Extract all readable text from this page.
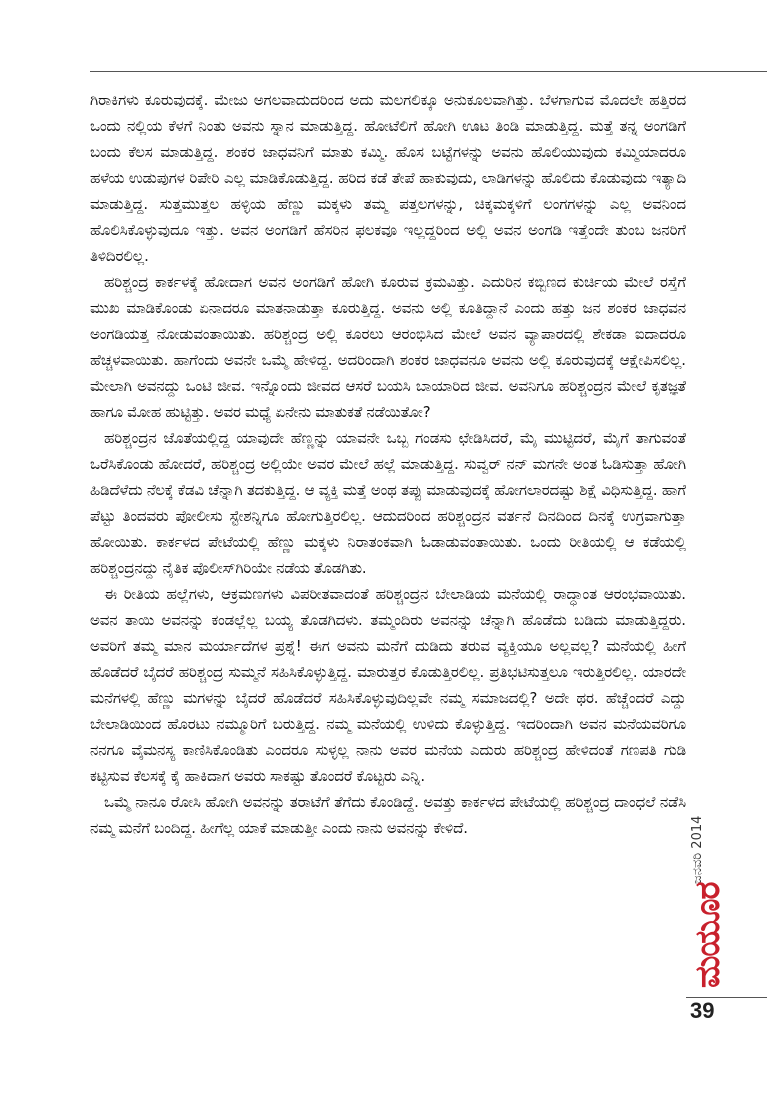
ಗಿರಾಕಿಗಳು ಕೂರುವುದಕ್ಕೆ. ಮೇಜು ಅಗಲವಾದುದರಿಂದ ಅದು ಮಲಗಲಿಕ್ಕೂ ಅನುಕೂಲವಾಗಿತ್ತು. ಬೆಳಗಾಗುವ ಮೊದಲೇ ಹತ್ತಿರದ ಒಂದು ನಲ್ಲಿಯ ಕೆಳಗೆ ನಿಂತು ಅವನು ಸ್ನಾನ ಮಾಡುತ್ತಿದ್ದ. ಹೋಟೆಲಿಗೆ ಹೋಗಿ ಊಟ ತಿಂಡಿ ಮಾಡುತ್ತಿದ್ದ. ಮತ್ತೆ ತನ್ನ ಅಂಗಡಿಗೆ ಬಂದು ಕೆಲಸ ಮಾಡುತ್ತಿದ್ದ. ಶಂಕರ ಜಾಧವನಿಗೆ ಮಾತು ಕಮ್ಮಿ. ಹೊಸ ಬಟ್ಟೆಗಳನ್ನು ಅವನು ಹೊಲಿಯುವುದು ಕಮ್ಮಿಯಾದರೂ ಹಳೆಯ ಉಡುಪುಗಳ ರಿಪೇರಿ ಎಲ್ಲ ಮಾಡಿಕೊಡುತ್ತಿದ್ದ. ಹರಿದ ಕಡೆ ತೇಪೆ ಹಾಕುವುದು, ಲಾಡಿಗಳನ್ನು ಹೊಲಿದು ಕೊಡುವುದು ಇತ್ಯಾದಿ ಮಾಡುತ್ತಿದ್ದ. ಸುತ್ತಮುತ್ತಲ ಹಳ್ಳಿಯ ಹೆಣ್ಣು ಮಕ್ಕಳು ತಮ್ಮ ಪತ್ತಲಗಳನ್ನು, ಚಿಕ್ಕಮಕ್ಕಳಿಗೆ ಲಂಗಗಳನ್ನು ಎಲ್ಲ ಅವನಿಂದ ಹೊಲಿಸಿಕೊಳ್ಳುವುದೂ ಇತ್ತು. ಅವನ ಅಂಗಡಿಗೆ ಹೆಸರಿನ ಫಲಕವೂ ಇಲ್ಲದ್ದರಿಂದ ಅಲ್ಲಿ ಅವನ ಅಂಗಡಿ ಇತ್ತೆಂದೇ ತುಂಬ ಜನರಿಗೆ ತಿಳಿದಿರಲಿಲ್ಲ.

ಹರಿಶ್ಚಂದ್ರ ಕಾರ್ಕಳಕ್ಕೆ ಹೋದಾಗ ಅವನ ಅಂಗಡಿಗೆ ಹೋಗಿ ಕೂರುವ ಕ್ರಮವಿತ್ತು. ಎದುರಿನ ಕಬ್ಬಿಣದ ಕುರ್ಚಿಯ ಮೇಲೆ ರಸ್ತೆಗೆ ಮುಖ ಮಾಡಿಕೊಂಡು ಏನಾದರೂ ಮಾತನಾಡುತ್ತಾ ಕೂರುತ್ತಿದ್ದ. ಅವನು ಅಲ್ಲಿ ಕೂತಿದ್ದಾನೆ ಎಂದು ಹತ್ತು ಜನ ಶಂಕರ ಜಾಧವನ ಅಂಗಡಿಯತ್ತ ನೋಡುವಂತಾಯಿತು. ಹರಿಶ್ಚಂದ್ರ ಅಲ್ಲಿ ಕೂರಲು ಆರಂಭಿಸಿದ ಮೇಲೆ ಅವನ ವ್ಯಾಪಾರದಲ್ಲಿ ಶೇಕಡಾ ಐದಾದರೂ ಹೆಚ್ಚಳವಾಯಿತು. ಹಾಗೆಂದು ಅವನೇ ಒಮ್ಮೆ ಹೇಳಿದ್ದ. ಅದರಿಂದಾಗಿ ಶಂಕರ ಜಾಧವನೂ ಅವನು ಅಲ್ಲಿ ಕೂರುವುದಕ್ಕೆ ಆಕ್ಷೇಪಿಸಲಿಲ್ಲ. ಮೇಲಾಗಿ ಅವನದ್ದು ಒಂಟಿ ಜೀವ. ಇನ್ನೊಂದು ಜೀವದ ಆಸರೆ ಬಯಸಿ ಬಾಯಾರಿದ ಜೀವ. ಅವನಿಗೂ ಹರಿಶ್ಚಂದ್ರನ ಮೇಲೆ ಕೃತಜ್ಞತೆ ಹಾಗೂ ಮೋಹ ಹುಟ್ಟಿತ್ತು. ಅವರ ಮಧ್ಯೆ ಏನೇನು ಮಾತುಕತೆ ನಡೆಯಿತೋ?

ಹರಿಶ್ಚಂದ್ರನ ಜೊತೆಯಲ್ಲಿದ್ದ ಯಾವುದೇ ಹೆಣ್ಣನ್ನು ಯಾವನೇ ಒಬ್ಬ ಗಂಡಸು ಛೇಡಿಸಿದರೆ, ಮೈ ಮುಟ್ಟಿದರೆ, ಮೈಗೆ ತಾಗುವಂತೆ ಒರೆಸಿಕೊಂಡು ಹೋದರೆ, ಹರಿಶ್ಚಂದ್ರ ಅಲ್ಲಿಯೇ ಅವರ ಮೇಲೆ ಹಲ್ಲೆ ಮಾಡುತ್ತಿದ್ದ. ಸುವ್ವರ್ ನನ್ ಮಗನೇ ಅಂತ ಓಡಿಸುತ್ತಾ ಹೋಗಿ ಹಿಡಿದೆಳೆದು ನೆಲಕ್ಕೆ ಕೆಡವಿ ಚೆನ್ನಾಗಿ ತದಕುತ್ತಿದ್ದ. ಆ ವ್ಯಕ್ತಿ ಮತ್ತೆ ಅಂಥ ತಪ್ಪು ಮಾಡುವುದಕ್ಕೆ ಹೋಗಲಾರದಷ್ಟು ಶಿಕ್ಷೆ ವಿಧಿಸುತ್ತಿದ್ದ. ಹಾಗೆ ಪೆಟ್ಟು ತಿಂದವರು ಪೋಲೀಸು ಸ್ಟೇಶನ್ನಿಗೂ ಹೋಗುತ್ತಿರಲಿಲ್ಲ. ಆದುದರಿಂದ ಹರಿಶ್ಚಂದ್ರನ ವರ್ತನೆ ದಿನದಿಂದ ದಿನಕ್ಕೆ ಉಗ್ರವಾಗುತ್ತಾ ಹೋಯಿತು. ಕಾರ್ಕಳದ ಪೇಟೆಯಲ್ಲಿ ಹೆಣ್ಣು ಮಕ್ಕಳು ನಿರಾತಂಕವಾಗಿ ಓಡಾಡುವಂತಾಯಿತು. ಒಂದು ರೀತಿಯಲ್ಲಿ ಆ ಕಡೆಯಲ್ಲಿ ಹರಿಶ್ಚಂದ್ರನದ್ದು ನೈತಿಕ ಪೊಲೀಸ್‌ಗಿರಿಯೇ ನಡೆಯ ತೊಡಗಿತು.

ಈ ರೀತಿಯ ಹಲ್ಲೆಗಳು, ಆಕ್ರಮಣಗಳು ವಿಪರೀತವಾದಂತೆ ಹರಿಶ್ಚಂದ್ರನ ಬೇಲಾಡಿಯ ಮನೆಯಲ್ಲಿ ರಾದ್ಧಾಂತ ಆರಂಭವಾಯಿತು. ಅವನ ತಾಯಿ ಅವನನ್ನು ಕಂಡಲ್ಲೆಲ್ಲ ಬಯ್ಯ ತೊಡಗಿದಳು. ತಮ್ಮಂದಿರು ಅವನನ್ನು ಚೆನ್ನಾಗಿ ಹೊಡೆದು ಬಡಿದು ಮಾಡುತ್ತಿದ್ದರು. ಅವರಿಗೆ ತಮ್ಮ ಮಾನ ಮರ್ಯಾದೆಗಳ ಪ್ರಶ್ನೆ! ಈಗ ಅವನು ಮನೆಗೆ ದುಡಿದು ತರುವ ವ್ಯಕ್ತಿಯೂ ಅಲ್ಲವಲ್ಲ? ಮನೆಯಲ್ಲಿ ಹೀಗೆ ಹೊಡೆದರೆ ಬೈದರೆ ಹರಿಶ್ಚಂದ್ರ ಸುಮ್ಮನೆ ಸಹಿಸಿಕೊಳ್ಳುತ್ತಿದ್ದ. ಮಾರುತ್ತರ ಕೊಡುತ್ತಿರಲಿಲ್ಲ. ಪ್ರತಿಭಟಿಸುತ್ತಲೂ ಇರುತ್ತಿರಲಿಲ್ಲ. ಯಾರದೇ ಮನೆಗಳಲ್ಲಿ ಹೆಣ್ಣು ಮಗಳನ್ನು ಬೈದರೆ ಹೊಡೆದರೆ ಸಹಿಸಿಕೊಳ್ಳುವುದಿಲ್ಲವೇ ನಮ್ಮ ಸಮಾಜದಲ್ಲಿ? ಅದೇ ಥರ. ಹೆಚ್ಚೆಂದರೆ ಎದ್ದು ಬೇಲಾಡಿಯಿಂದ ಹೊರಟು ನಮ್ಮೂರಿಗೆ ಬರುತ್ತಿದ್ದ. ನಮ್ಮ ಮನೆಯಲ್ಲಿ ಉಳಿದು ಕೊಳ್ಳುತ್ತಿದ್ದ. ಇದರಿಂದಾಗಿ ಅವನ ಮನೆಯವರಿಗೂ ನನಗೂ ವೈಮನಸ್ಯ ಕಾಣಿಸಿಕೊಂಡಿತು ಎಂದರೂ ಸುಳ್ಳಲ್ಲ ನಾನು ಅವರ ಮನೆಯ ಎದುರು ಹರಿಶ್ಚಂದ್ರ ಹೇಳಿದಂತೆ ಗಣಪತಿ ಗುಡಿ ಕಟ್ಟಿಸುವ ಕೆಲಸಕ್ಕೆ ಕೈ ಹಾಕಿದಾಗ ಅವರು ಸಾಕಷ್ಟು ತೊಂದರೆ ಕೊಟ್ಟರು ಎನ್ನಿ.

ಒಮ್ಮೆ ನಾನೂ ರೋಸಿ ಹೋಗಿ ಅವನನ್ನು ತರಾಟೆಗೆ ತೆಗೆದು ಕೊಂಡಿದ್ದೆ. ಅವತ್ತು ಕಾರ್ಕಳದ ಪೇಟೆಯಲ್ಲಿ ಹರಿಶ್ಚಂದ್ರ ದಾಂಧಲೆ ನಡೆಸಿ ನಮ್ಮ ಮನೆಗೆ ಬಂದಿದ್ದ. ಹೀಗೆಲ್ಲ ಯಾಕೆ ಮಾಡುತ್ತೀ ಎಂದು ನಾನು ಅವನನ್ನು ಕೇಳಿದೆ.	ಜನವರಿ 2014
ಮಯೂರ
39
